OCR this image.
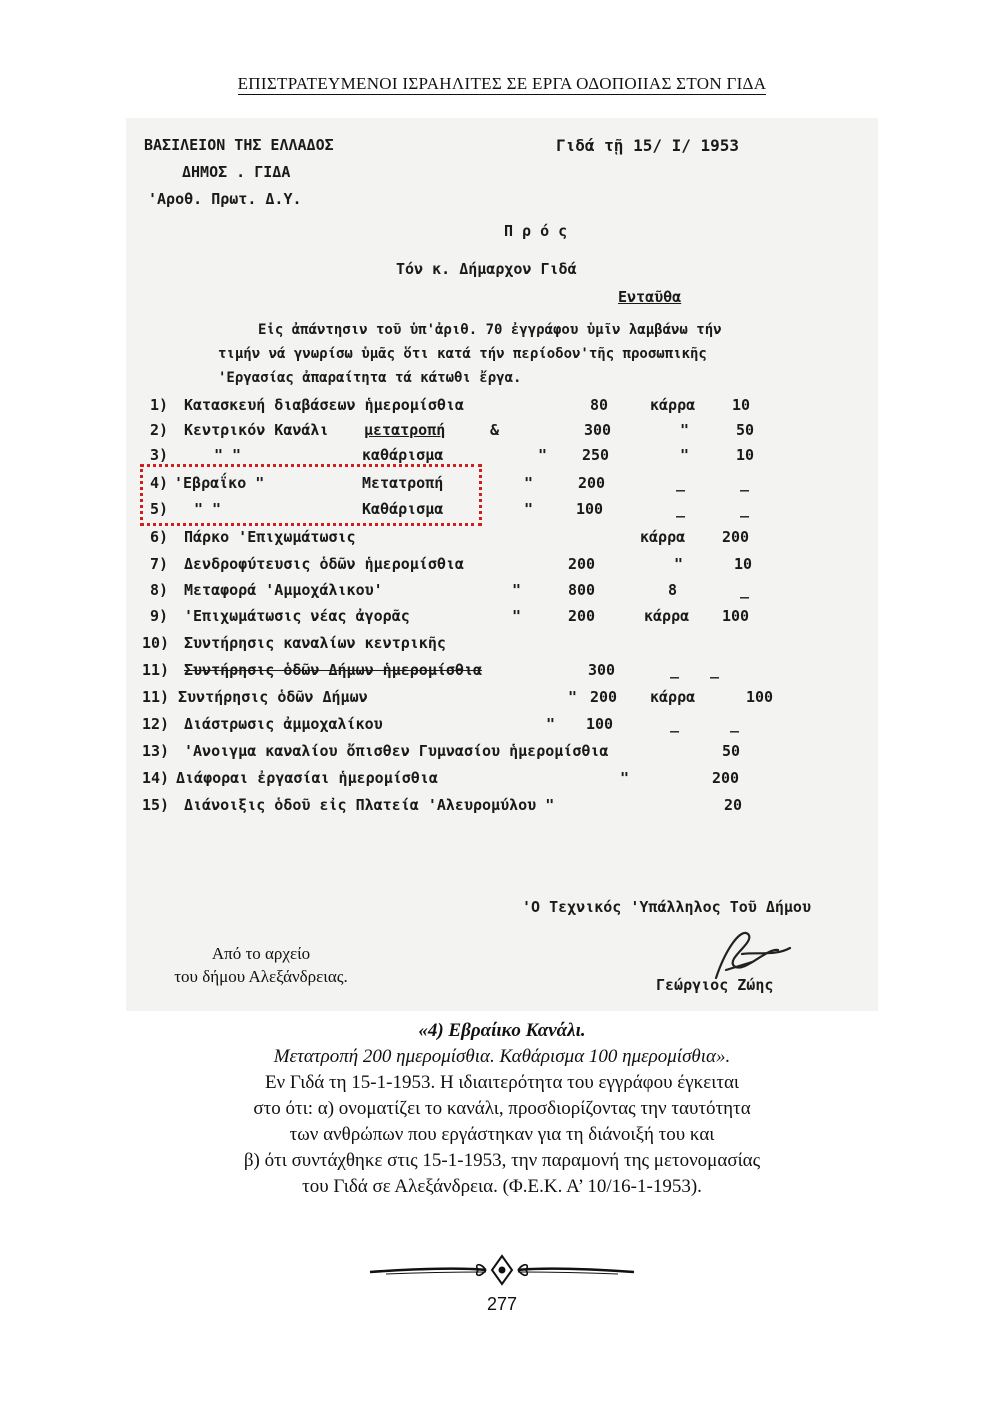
ΕΠΙΣΤΡΑΤΕΥΜΕΝΟΙ ΙΣΡΑΗΛΙΤΕΣ ΣΕ ΕΡΓΑ ΟΔΟΠΟΙΙΑΣ ΣΤΟΝ ΓΙΔΑ
ΒΑΣΙΛΕΙΟΝ ΤΗΣ ΕΛΛΑΔΟΣ
ΔΗΜΟΣ . ΓΙΔΑ
'Αροθ. Πρωτ. Δ.Υ.
Γιδά τῇ 15/ Ι/ 1953
Π ρ ό ς
Τόν κ. Δήμαρχον Γιδά
Ενταῦθα
Εἰς ἀπάντησιν τοῦ ὑπ'ἀριθ. 70 ἐγγράφου ὑμῖν λαμβάνω τήν
τιμήν νά γνωρίσω ὑμᾶς ὅτι κατά τήν περίοδον'τῆς προσωπικῆς
'Εργασίας ἀπαραίτητα τά κάτωθι ἔργα.
1) Κατασκευή διαβάσεων ἡμερομίσθια	80	κάρρα 10
2) Κεντρικόν Κανάλι μετατροπή	&	300	"	50
3)	" "	καθάρισμα	" 250	"	10
4) 'Εβραΐκο "	Μετατροπή	"	200	_	_
5) " "	Καθάρισμα	"	100	_	_
6) Πάρκο 'Επιχωμάτωσις	κάρρα 200
7) Δενδροφύτευσις ὁδῶν ἡμερομίσθια	200	"	10
8) Μεταφορά 'Αμμοχάλικου'	"	800	8	_
9) 'Επιχωμάτωσις νέας ἀγορᾶς	"	200	κάρρα 100
10) Συντήρησις καναλίων κεντρικῆς
11) Συντήρησις ὁδῶν Δήμων ἡμερομίσθια	300	_ _
11) Συντήρησις ὁδῶν Δήμων	" 200 κάρρα	100
12) Διάστρωσις ἀμμοχαλίκου	" 100	_	_
13) 'Ανοιγμα καναλίου ὄπισθεν Γυμνασίου ἡμερομίσθια	50
14) Διάφοραι ἐργασίαι ἡμερομίσθια	"	200
15) Διάνοιξις ὁδοῦ εἰς Πλατεία 'Αλευρομύλου "	20
'Ο Τεχνικός 'Υπάλληλος Τοῦ Δήμου
Γεώργιος Ζώης
Από το αρχείο
του δήμου Αλεξάνδρειας.
«4) Εβραίικο Κανάλι.
Μετατροπή 200 ημερομίσθια. Καθάρισμα 100 ημερομίσθια».
Εν Γιδά τη 15-1-1953. Η ιδιαιτερότητα του εγγράφου έγκειται
στο ότι: α) ονοματίζει το κανάλι, προσδιορίζοντας την ταυτότητα
των ανθρώπων που εργάστηκαν για τη διάνοιξή του και
β) ότι συντάχθηκε στις 15-1-1953, την παραμονή της μετονομασίας
του Γιδά σε Αλεξάνδρεια. (Φ.Ε.Κ. Α’ 10/16-1-1953).
277
